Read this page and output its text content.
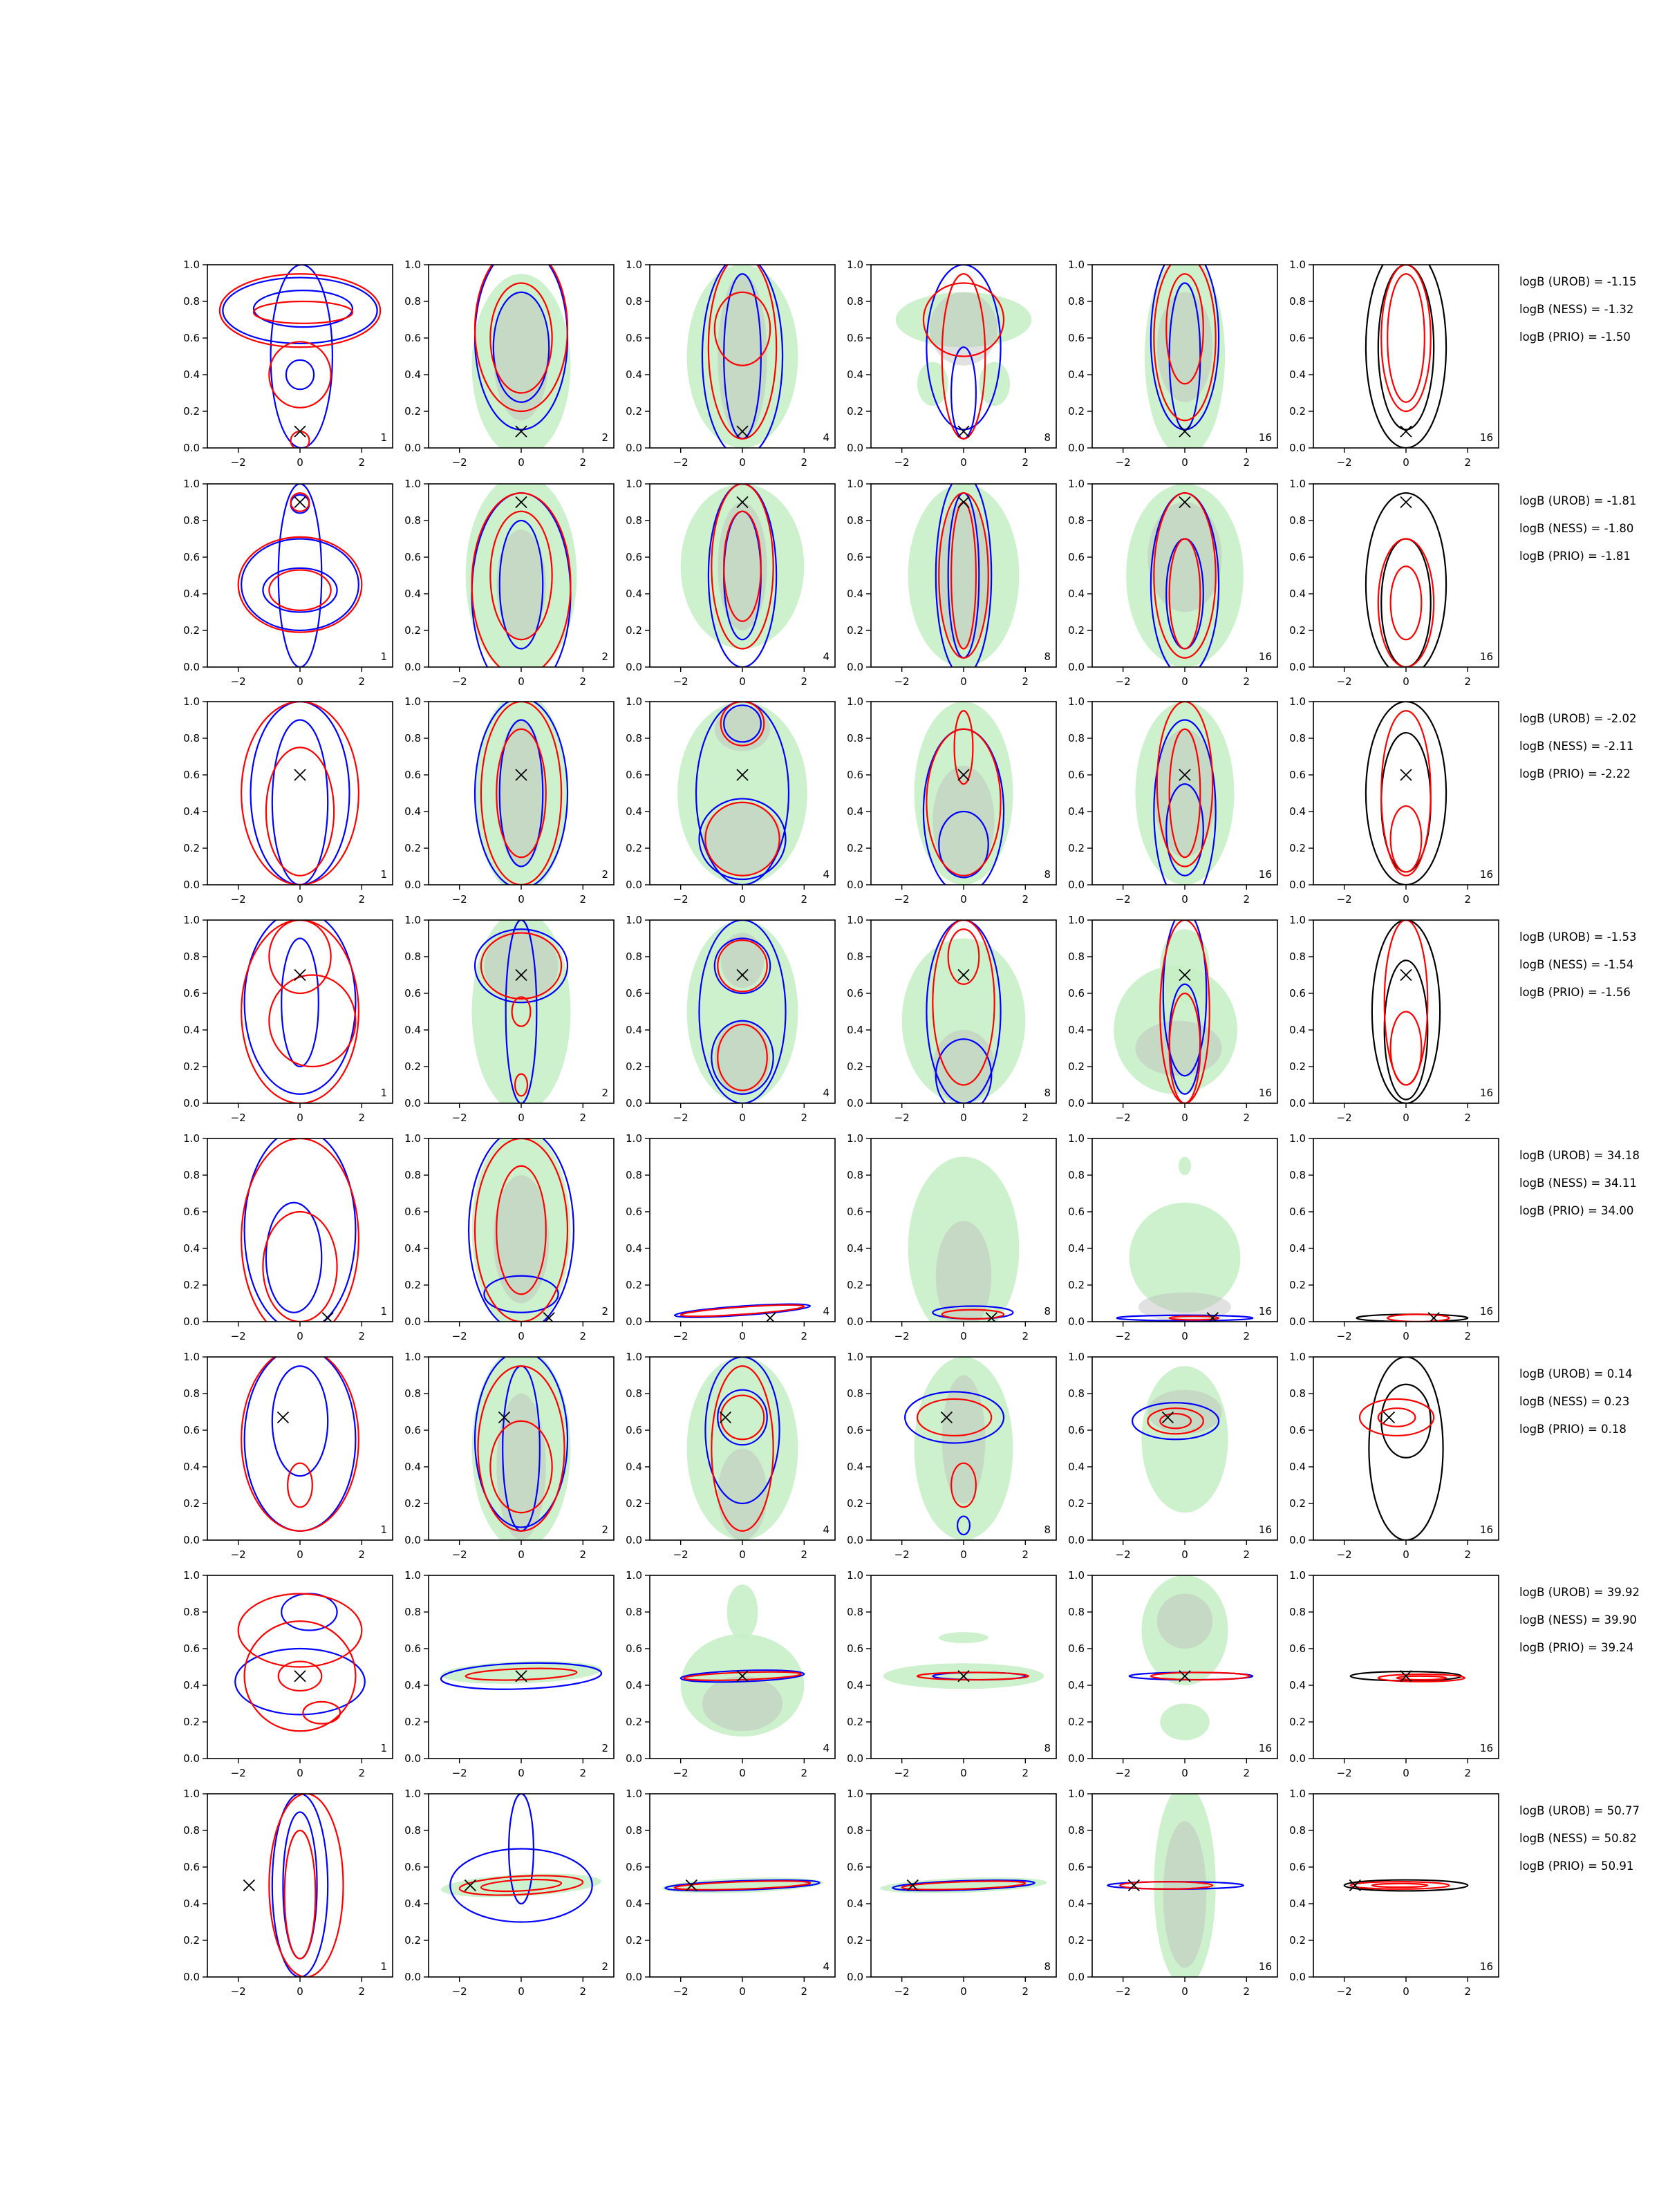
0.0
0.2
0.4
0.6
0.8
1.0
−2	0	2
1
0.0
0.2
0.4
0.6
0.8
1.0
−2	0	2
2
0.0
0.2
0.4
0.6
0.8
1.0
−2	0	2
4
0.0
0.2
0.4
0.6
0.8
1.0
−2	0	2
8
0.0
0.2
0.4
0.6
0.8
1.0
−2	0	2
16
0.0
0.2
0.4
0.6
0.8
1.0
−2	0	2
16
logB (UROB) = -1.15
logB (NESS) = -1.32
logB (PRIO) = -1.50
0.0
0.2
0.4
0.6
0.8
1.0
−2	0	2
1
0.0
0.2
0.4
0.6
0.8
1.0
−2	0	2
2
0.0
0.2
0.4
0.6
0.8
1.0
−2	0	2
4
0.0
0.2
0.4
0.6
0.8
1.0
−2	0	2
8
0.0
0.2
0.4
0.6
0.8
1.0
−2	0	2
16
0.0
0.2
0.4
0.6
0.8
1.0
−2	0	2
16
logB (UROB) = -1.81
logB (NESS) = -1.80
logB (PRIO) = -1.81
0.0
0.2
0.4
0.6
0.8
1.0
−2	0	2
1
0.0
0.2
0.4
0.6
0.8
1.0
−2	0	2
2
0.0
0.2
0.4
0.6
0.8
1.0
−2	0	2
4
0.0
0.2
0.4
0.6
0.8
1.0
−2	0	2
8
0.0
0.2
0.4
0.6
0.8
1.0
−2	0	2
16
0.0
0.2
0.4
0.6
0.8
1.0
−2	0	2
16
logB (UROB) = -2.02
logB (NESS) = -2.11
logB (PRIO) = -2.22
0.0
0.2
0.4
0.6
0.8
1.0
−2	0	2
1
0.0
0.2
0.4
0.6
0.8
1.0
−2	0	2
2
0.0
0.2
0.4
0.6
0.8
1.0
−2	0	2
4
0.0
0.2
0.4
0.6
0.8
1.0
−2	0	2
8
0.0
0.2
0.4
0.6
0.8
1.0
−2	0	2
16
0.0
0.2
0.4
0.6
0.8
1.0
−2	0	2
16
logB (UROB) = -1.53
logB (NESS) = -1.54
logB (PRIO) = -1.56
0.0
0.2
0.4
0.6
0.8
1.0
−2	0	2
1
0.0
0.2
0.4
0.6
0.8
1.0
−2	0	2
2
0.0
0.2
0.4
0.6
0.8
1.0
−2	0	2
4
0.0
0.2
0.4
0.6
0.8
1.0
−2	0	2
8
0.0
0.2
0.4
0.6
0.8
1.0
−2	0	2
16
0.0
0.2
0.4
0.6
0.8
1.0
−2	0	2
16
logB (UROB) = 34.18
logB (NESS) = 34.11
logB (PRIO) = 34.00
0.0
0.2
0.4
0.6
0.8
1.0
−2	0	2
1
0.0
0.2
0.4
0.6
0.8
1.0
−2	0	2
2
0.0
0.2
0.4
0.6
0.8
1.0
−2	0	2
4
0.0
0.2
0.4
0.6
0.8
1.0
−2	0	2
8
0.0
0.2
0.4
0.6
0.8
1.0
−2	0	2
16
0.0
0.2
0.4
0.6
0.8
1.0
−2	0	2
16
logB (UROB) = 0.14
logB (NESS) = 0.23
logB (PRIO) = 0.18
0.0
0.2
0.4
0.6
0.8
1.0
−2	0	2
1
0.0
0.2
0.4
0.6
0.8
1.0
−2	0	2
2
0.0
0.2
0.4
0.6
0.8
1.0
−2	0	2
4
0.0
0.2
0.4
0.6
0.8
1.0
−2	0	2
8
0.0
0.2
0.4
0.6
0.8
1.0
−2	0	2
16
0.0
0.2
0.4
0.6
0.8
1.0
−2	0	2
16
logB (UROB) = 39.92
logB (NESS) = 39.90
logB (PRIO) = 39.24
0.0
0.2
0.4
0.6
0.8
1.0
−2	0	2
1
0.0
0.2
0.4
0.6
0.8
1.0
−2	0	2
2
0.0
0.2
0.4
0.6
0.8
1.0
−2	0	2
4
0.0
0.2
0.4
0.6
0.8
1.0
−2	0	2
8
0.0
0.2
0.4
0.6
0.8
1.0
−2	0	2
16
0.0
0.2
0.4
0.6
0.8
1.0
−2	0	2
16
logB (UROB) = 50.77
logB (NESS) = 50.82
logB (PRIO) = 50.91
